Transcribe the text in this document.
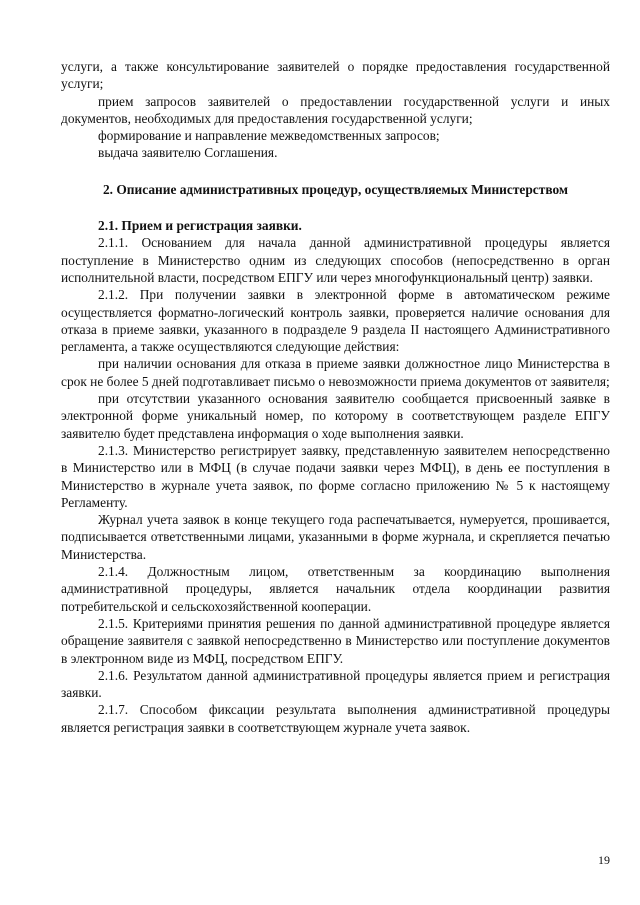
услуги, а также консультирование заявителей о порядке предоставления государственной услуги;

прием запросов заявителей о предоставлении государственной услуги и иных документов, необходимых для предоставления государственной услуги;

формирование и направление межведомственных запросов;

выдача заявителю Соглашения.

2. Описание административных процедур, осуществляемых Министерством

2.1. Прием и регистрация заявки.

2.1.1. Основанием для начала данной административной процедуры является поступление в Министерство одним из следующих способов (непосредственно в орган исполнительной власти, посредством ЕПГУ или через многофункциональный центр) заявки.

2.1.2. При получении заявки в электронной форме в автоматическом режиме осуществляется форматно-логический контроль заявки, проверяется наличие основания для отказа в приеме заявки, указанного в подразделе 9 раздела II настоящего Административного регламента, а также осуществляются следующие действия:

при наличии основания для отказа в приеме заявки должностное лицо Министерства в срок не более 5 дней подготавливает письмо о невозможности приема документов от заявителя;

при отсутствии указанного основания заявителю сообщается присвоенный заявке в электронной форме уникальный номер, по которому в соответствующем разделе ЕПГУ заявителю будет представлена информация о ходе выполнения заявки.

2.1.3. Министерство регистрирует заявку, представленную заявителем непосредственно в Министерство или в МФЦ (в случае подачи заявки через МФЦ), в день ее поступления в Министерство в журнале учета заявок, по форме согласно приложению № 5 к настоящему Регламенту.

Журнал учета заявок в конце текущего года распечатывается, нумеруется, прошивается, подписывается ответственными лицами, указанными в форме журнала, и скрепляется печатью Министерства.

2.1.4. Должностным лицом, ответственным за координацию выполнения административной процедуры, является начальник отдела координации развития потребительской и сельскохозяйственной кооперации.

2.1.5. Критериями принятия решения по данной административной процедуре является обращение заявителя с заявкой непосредственно в Министерство или поступление документов в электронном виде из МФЦ, посредством ЕПГУ.

2.1.6. Результатом данной административной процедуры является прием и регистрация заявки.

2.1.7. Способом фиксации результата выполнения административной процедуры является регистрация заявки в соответствующем журнале учета заявок.

19
